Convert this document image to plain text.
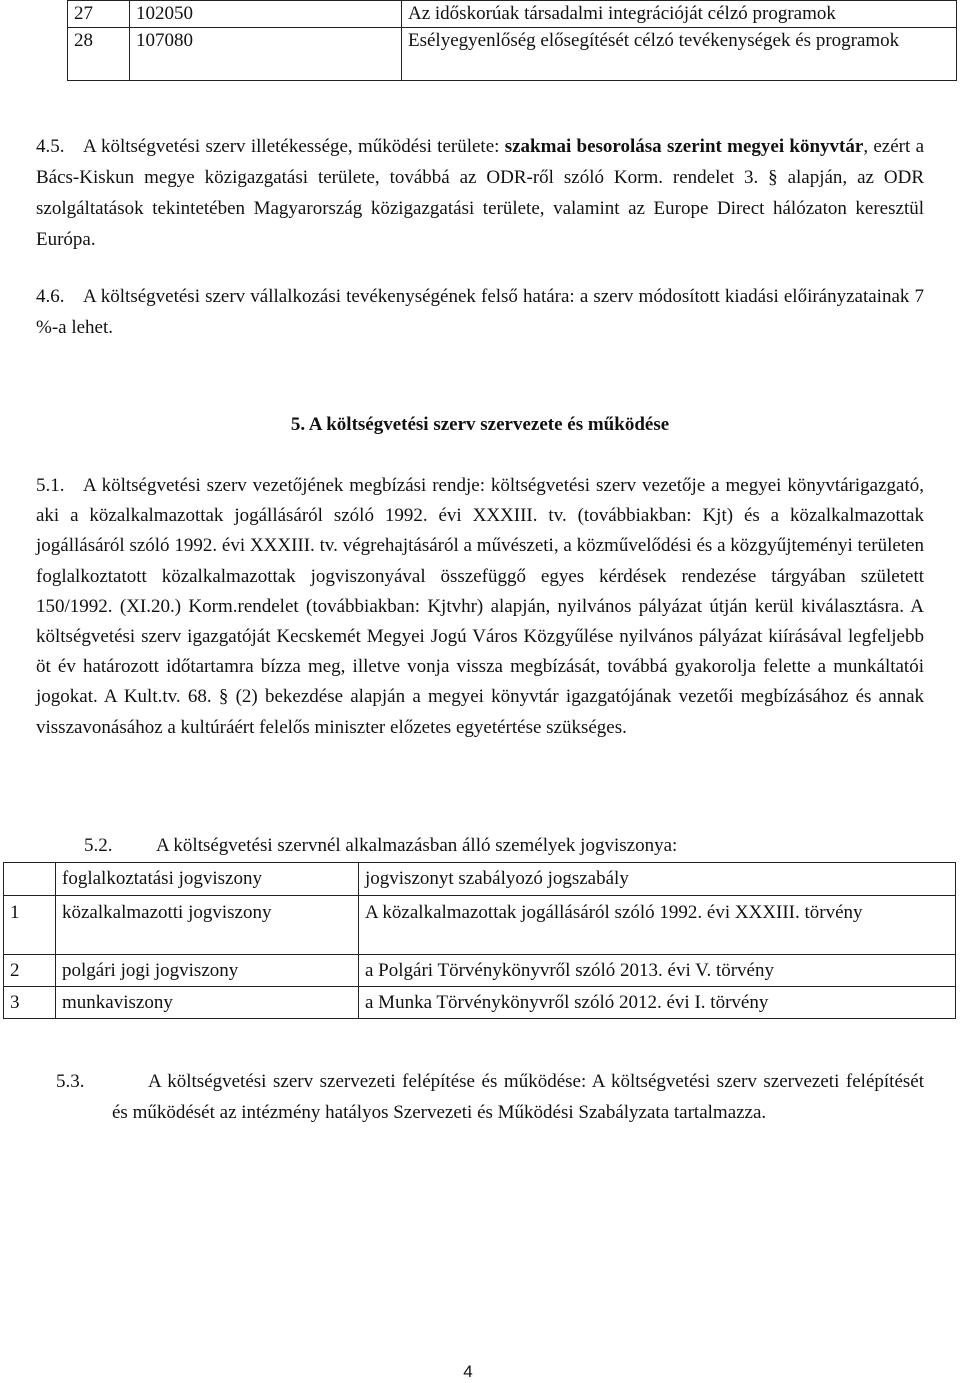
27	102050	Az időskorúak társadalmi integrációját célzó programok
28	107080	Esélyegyenlőség elősegítését célzó tevékenységek és programok
4.5. A költségvetési szerv illetékessége, működési területe: szakmai besorolása szerint megyei könyvtár, ezért a Bács-Kiskun megye közigazgatási területe, továbbá az ODR-ről szóló Korm. rendelet 3. § alapján, az ODR szolgáltatások tekintetében Magyarország közigazgatási területe, valamint az Europe Direct hálózaton keresztül Európa.
4.6. A költségvetési szerv vállalkozási tevékenységének felső határa: a szerv módosított kiadási előirányzatainak 7 %-a lehet.
5. A költségvetési szerv szervezete és működése
5.1. A költségvetési szerv vezetőjének megbízási rendje: költségvetési szerv vezetője a megyei könyvtárigazgató, aki a közalkalmazottak jogállásáról szóló 1992. évi XXXIII. tv. (továbbiakban: Kjt) és a közalkalmazottak jogállásáról szóló 1992. évi XXXIII. tv. végrehajtásáról a művészeti, a közművelődési és a közgyűjteményi területen foglalkoztatott közalkalmazottak jogviszonyával összefüggő egyes kérdések rendezése tárgyában született 150/1992. (XI.20.) Korm.rendelet (továbbiakban: Kjtvhr) alapján, nyilvános pályázat útján kerül kiválasztásra. A költségvetési szerv igazgatóját Kecskemét Megyei Jogú Város Közgyűlése nyilvános pályázat kiírásával legfeljebb öt év határozott időtartamra bízza meg, illetve vonja vissza megbízását, továbbá gyakorolja felette a munkáltatói jogokat. A Kult.tv. 68. § (2) bekezdése alapján a megyei könyvtár igazgatójának vezetői megbízásához és annak visszavonásához a kultúráért felelős miniszter előzetes egyetértése szükséges.
5.2. A költségvetési szervnél alkalmazásban álló személyek jogviszonya:
	foglalkoztatási jogviszony	jogviszonyt szabályozó jogszabály
1	közalkalmazotti jogviszony	A közalkalmazottak jogállásáról szóló 1992. évi XXXIII. törvény
2	polgári jogi jogviszony	a Polgári Törvénykönyvről szóló 2013. évi V. törvény
3	munkaviszony	a Munka Törvénykönyvről szóló 2012. évi I. törvény
5.3.	A költségvetési szerv szervezeti felépítése és működése: A költségvetési szerv szervezeti felépítését és működését az intézmény hatályos Szervezeti és Működési Szabályzata tartalmazza.
4
